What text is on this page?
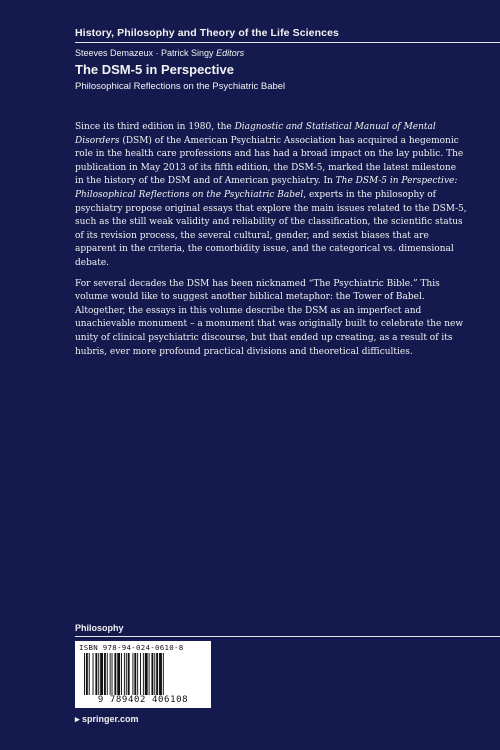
History, Philosophy and Theory of the Life Sciences
Steeves Demazeux · Patrick Singy Editors
The DSM-5 in Perspective
Philosophical Reflections on the Psychiatric Babel

Since its third edition in 1980, the Diagnostic and Statistical Manual of Mental Disorders (DSM) of the American Psychiatric Association has acquired a hegemonic role in the health care professions and has had a broad impact on the lay public. The publication in May 2013 of its fifth edition, the DSM-5, marked the latest milestone in the history of the DSM and of American psychiatry. In The DSM-5 in Perspective: Philosophical Reflections on the Psychiatric Babel, experts in the philosophy of psychiatry propose original essays that explore the main issues related to the DSM-5, such as the still weak validity and reliability of the classification, the scientific status of its revision process, the several cultural, gender, and sexist biases that are apparent in the criteria, the comorbidity issue, and the categorical vs. dimensional debate.

For several decades the DSM has been nicknamed “The Psychiatric Bible.” This volume would like to suggest another biblical metaphor: the Tower of Babel. Altogether, the essays in this volume describe the DSM as an imperfect and unachievable monument – a monument that was originally built to celebrate the new unity of clinical psychiatric discourse, but that ended up creating, as a result of its hubris, ever more profound practical divisions and theoretical difficulties.

Philosophy
ISBN 978-94-024-0610-8
9 789402 406108
▸ springer.com
